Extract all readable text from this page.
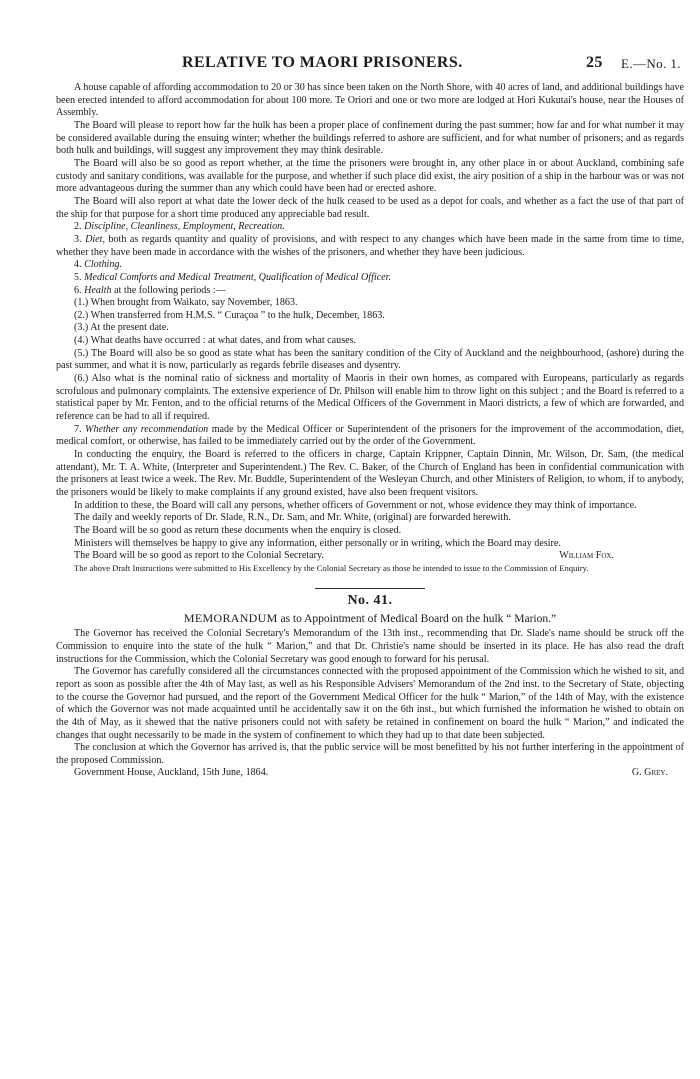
RELATIVE TO MAORI PRISONERS.	25 E.—No. 1.

A house capable of affording accommodation to 20 or 30 has since been taken on the North Shore, with 40 acres of land, and additional buildings have been erected intended to afford accommodation for about 100 more. Te Oriori and one or two more are lodged at Hori Kukutai's house, near the Houses of Assembly.

The Board will please to report how far the hulk has been a proper place of confinement during the past summer; how far and for what number it may be considered available during the ensuing winter; whether the buildings referred to ashore are sufficient, and for what number of prisoners; and as regards both hulk and buildings, will suggest any improvement they may think desirable.

The Board will also be so good as report whether, at the time the prisoners were brought in, any other place in or about Auckland, combining safe custody and sanitary conditions, was available for the purpose, and whether if such place did exist, the airy position of a ship in the harbour was or was not more advantageous during the summer than any which could have been had or erected ashore.

The Board will also report at what date the lower deck of the hulk ceased to be used as a depot for coals, and whether as a fact the use of that part of the ship for that purpose for a short time produced any appreciable bad result.

2. Discipline, Cleanliness, Employment, Recreation.

3. Diet, both as regards quantity and quality of provisions, and with respect to any changes which have been made in the same from time to time, whether they have been made in accordance with the wishes of the prisoners, and whether they have been judicious.

4. Clothing.

5. Medical Comforts and Medical Treatment, Qualification of Medical Officer.

6. Health at the following periods :—

(1.) When brought from Waikato, say November, 1863.

(2.) When transferred from H.M.S. “ Curaçoa ” to the hulk, December, 1863.

(3.) At the present date.

(4.) What deaths have occurred : at what dates, and from what causes.

(5.) The Board will also be so good as state what has been the sanitary condition of the City of Auckland and the neighbourhood, (ashore) during the past summer, and what it is now, particularly as regards febrile diseases and dysentry.

(6.) Also what is the nominal ratio of sickness and mortality of Maoris in their own homes, as compared with Europeans, particularly as regards scrofulous and pulmonary complaints. The extensive experience of Dr. Philson will enable him to throw light on this subject ; and the Board is referred to a statistical paper by Mr. Fenton, and to the official returns of the Medical Officers of the Government in Maori districts, a few of which are forwarded, and reference can be had to all if required.

7. Whether any recommendation made by the Medical Officer or Superintendent of the prisoners for the improvement of the accommodation, diet, medical comfort, or otherwise, has failed to be immediately carried out by the order of the Government.

In conducting the enquiry, the Board is referred to the officers in charge, Captain Krippner, Captain Dinnin, Mr. Wilson, Dr. Sam, (the medical attendant), Mr. T. A. White, (Interpreter and Superintendent.) The Rev. C. Baker, of the Church of England has been in confidential communication with the prisoners at least twice a week. The Rev. Mr. Buddle, Superintendent of the Wesleyan Church, and other Ministers of Religion, to whom, if to anybody, the prisoners would be likely to make complaints if any ground existed, have also been frequent visitors.

In addition to these, the Board will call any persons, whether officers of Government or not, whose evidence they may think of importance.

The daily and weekly reports of Dr. Slade, R.N., Dr. Sam, and Mr. White, (original) are forwarded herewith.

The Board will be so good as return these documents when the enquiry is closed.

Ministers will themselves be happy to give any information, either personally or in writing, which the Board may desire.

The Board will be so good as report to the Colonial Secretary.	William Fox.

The above Draft Instructions were submitted to His Excellency by the Colonial Secretary as those he intended to issue to the Commission of Enquiry.

No. 41.
MEMORANDUM as to Appointment of Medical Board on the hulk “ Marion.”

The Governor has received the Colonial Secretary's Memorandum of the 13th inst., recommending that Dr. Slade's name should be struck off the Commission to enquire into the state of the hulk “ Marion,” and that Dr. Christie's name should be inserted in its place. He has also read the draft instructions for the Commission, which the Colonial Secretary was good enough to forward for his perusal.

The Governor has carefully considered all the circumstances connected with the proposed appointment of the Commission which he wished to sit, and report as soon as possible after the 4th of May last, as well as his Responsible Advisers' Memorandum of the 2nd inst. to the Secretary of State, objecting to the course the Governor had pursued, and the report of the Government Medical Officer for the hulk “ Marion,” of the 14th of May, with the existence of which the Governor was not made acquainted until he accidentally saw it on the 6th inst., but which furnished the information he wished to obtain on the 4th of May, as it shewed that the native prisoners could not with safety be retained in confinement on board the hulk “ Marion,” and indicated the changes that ought necessarily to be made in the system of confinement to which they had up to that date been subjected.

The conclusion at which the Governor has arrived is, that the public service will be most benefitted by his not further interfering in the appointment of the proposed Commission.

Government House, Auckland, 15th June, 1864.	G. Grey.
